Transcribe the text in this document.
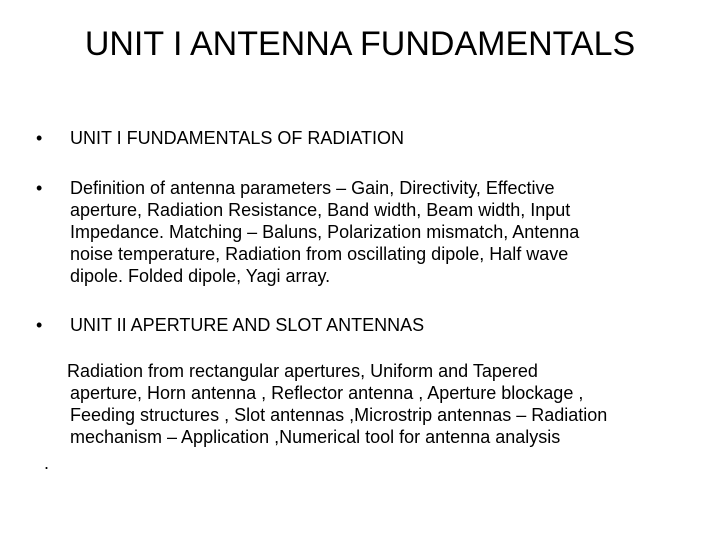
UNIT I ANTENNA FUNDAMENTALS
•	UNIT I FUNDAMENTALS OF RADIATION
•	Definition of antenna parameters – Gain, Directivity, Effective
aperture, Radiation Resistance, Band width, Beam width, Input
Impedance. Matching – Baluns, Polarization mismatch, Antenna
noise temperature, Radiation from oscillating dipole, Half wave
dipole. Folded dipole, Yagi array.
•	UNIT II APERTURE AND SLOT ANTENNAS
Radiation from rectangular apertures, Uniform and Tapered
aperture, Horn antenna , Reflector antenna , Aperture blockage ,
Feeding structures , Slot antennas ,Microstrip antennas – Radiation
mechanism – Application ,Numerical tool for antenna analysis
.
